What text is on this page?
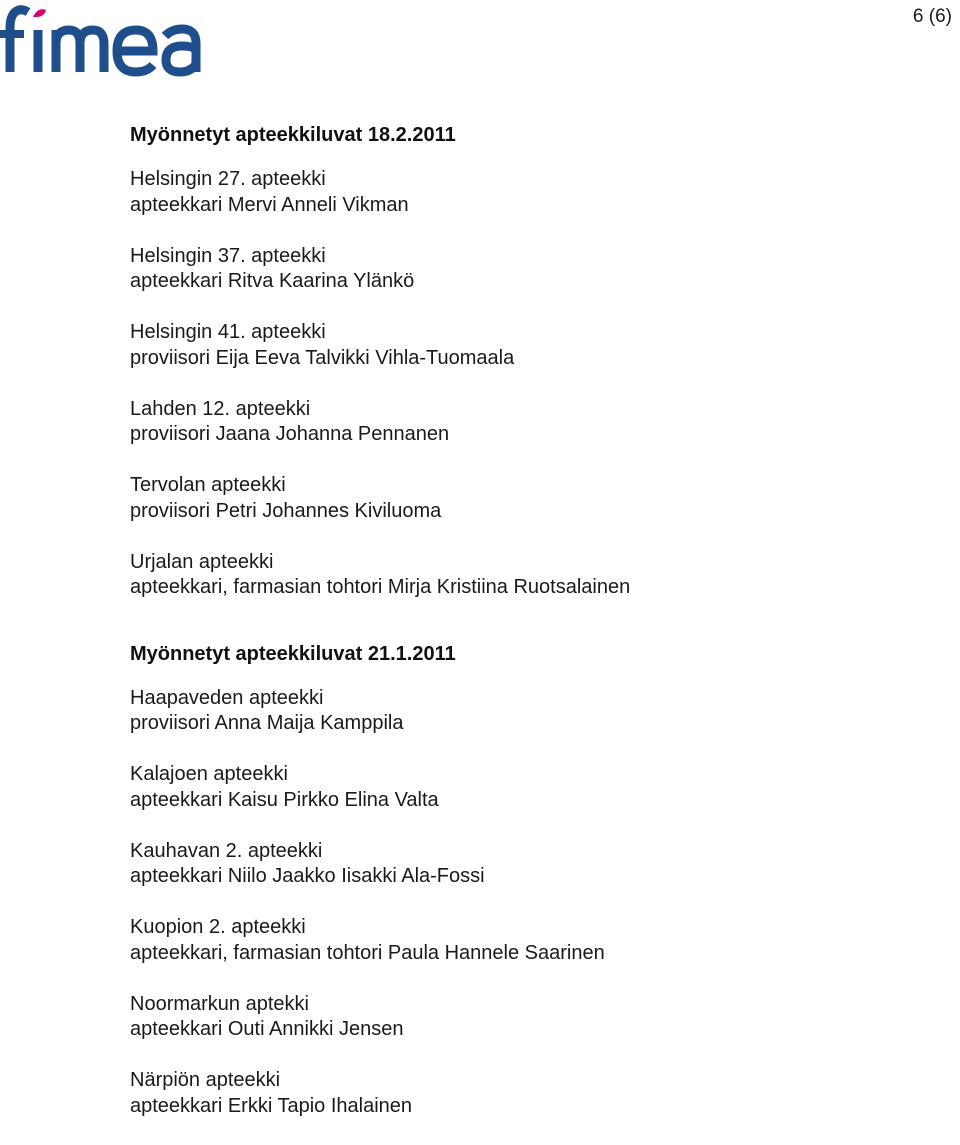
6 (6)
Myönnetyt apteekkiluvat 18.2.2011
Helsingin 27. apteekki
apteekkari Mervi Anneli Vikman
Helsingin 37. apteekki
apteekkari Ritva Kaarina Ylänkö
Helsingin 41. apteekki
proviisori Eija Eeva Talvikki Vihla-Tuomaala
Lahden 12. apteekki
proviisori Jaana Johanna Pennanen
Tervolan apteekki
proviisori Petri Johannes Kiviluoma
Urjalan apteekki
apteekkari, farmasian tohtori Mirja Kristiina Ruotsalainen
Myönnetyt apteekkiluvat 21.1.2011
Haapaveden apteekki
proviisori Anna Maija Kamppila
Kalajoen apteekki
apteekkari Kaisu Pirkko Elina Valta
Kauhavan 2. apteekki
apteekkari Niilo Jaakko Iisakki Ala-Fossi
Kuopion 2. apteekki
apteekkari, farmasian tohtori Paula Hannele Saarinen
Noormarkun aptekki
apteekkari Outi Annikki Jensen
Närpiön apteekki
apteekkari Erkki Tapio Ihalainen
